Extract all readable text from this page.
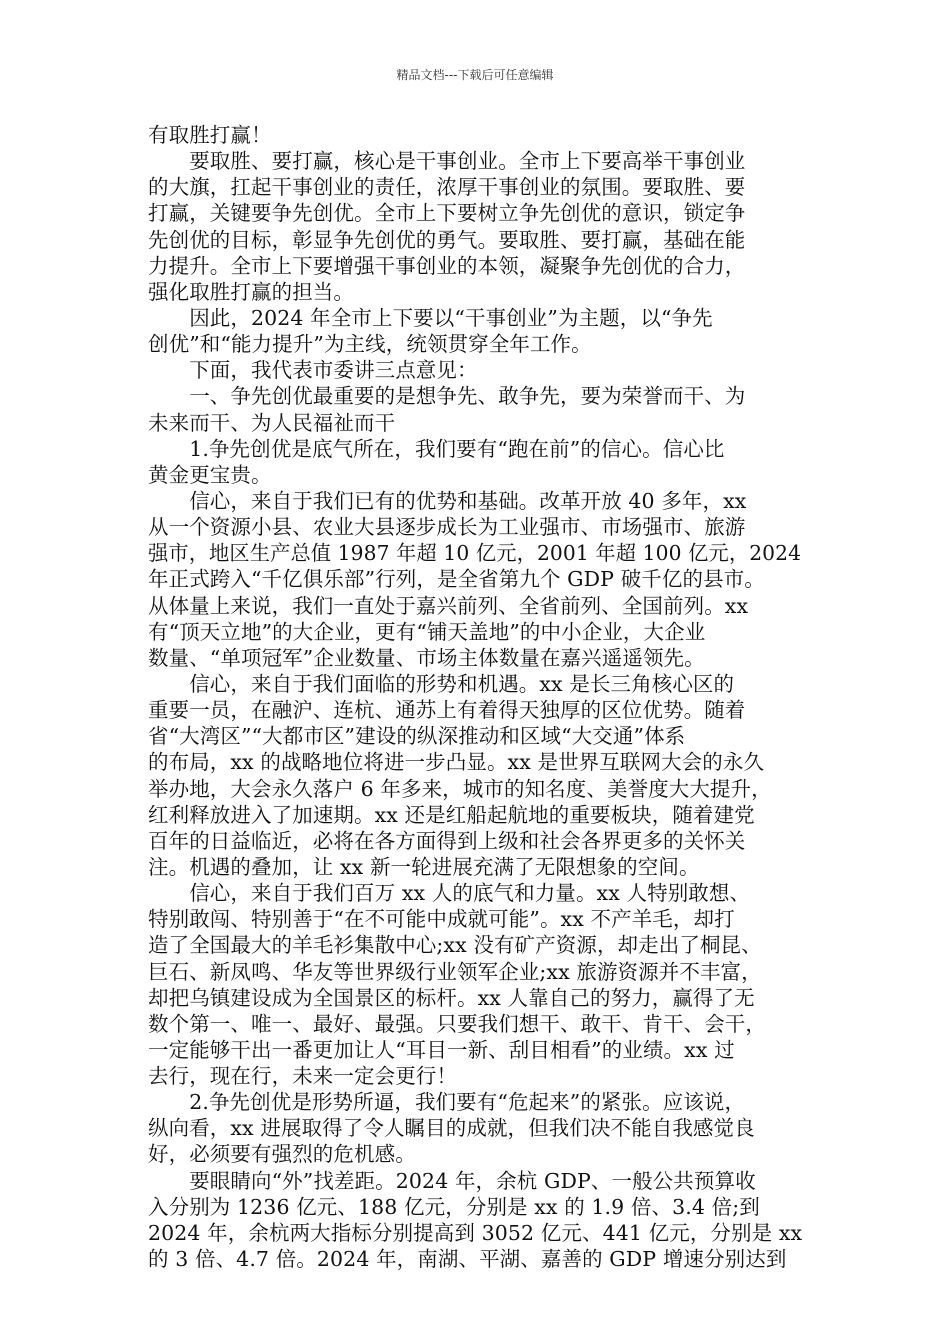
精品文档---下载后可任意编辑
有取胜打赢！
　　要取胜、要打赢，核心是干事创业。全市上下要高举干事创业
的大旗，扛起干事创业的责任，浓厚干事创业的氛围。要取胜、要
打赢，关键要争先创优。全市上下要树立争先创优的意识，锁定争
先创优的目标，彰显争先创优的勇气。要取胜、要打赢，基础在能
力提升。全市上下要增强干事创业的本领，凝聚争先创优的合力，
强化取胜打赢的担当。
　　因此，2024 年全市上下要以“干事创业”为主题，以“争先
创优”和“能力提升”为主线，统领贯穿全年工作。
　　下面，我代表市委讲三点意见：
　　一、争先创优最重要的是想争先、敢争先，要为荣誉而干、为
未来而干、为人民福祉而干
　　1.争先创优是底气所在，我们要有“跑在前”的信心。信心比
黄金更宝贵。
　　信心，来自于我们已有的优势和基础。改革开放 40 多年，xx
从一个资源小县、农业大县逐步成长为工业强市、市场强市、旅游
强市，地区生产总值 1987 年超 10 亿元，2001 年超 100 亿元，2024
年正式跨入“千亿俱乐部”行列，是全省第九个 GDP 破千亿的县市。
从体量上来说，我们一直处于嘉兴前列、全省前列、全国前列。xx
有“顶天立地”的大企业，更有“铺天盖地”的中小企业，大企业
数量、“单项冠军”企业数量、市场主体数量在嘉兴遥遥领先。
　　信心，来自于我们面临的形势和机遇。xx 是长三角核心区的
重要一员，在融沪、连杭、通苏上有着得天独厚的区位优势。随着
省“大湾区”“大都市区”建设的纵深推动和区域“大交通”体系
的布局，xx 的战略地位将进一步凸显。xx 是世界互联网大会的永久
举办地，大会永久落户 6 年多来，城市的知名度、美誉度大大提升，
红利释放进入了加速期。xx 还是红船起航地的重要板块，随着建党
百年的日益临近，必将在各方面得到上级和社会各界更多的关怀关
注。机遇的叠加，让 xx 新一轮进展充满了无限想象的空间。
　　信心，来自于我们百万 xx 人的底气和力量。xx 人特别敢想、
特别敢闯、特别善于“在不可能中成就可能”。xx 不产羊毛，却打
造了全国最大的羊毛衫集散中心;xx 没有矿产资源，却走出了桐昆、
巨石、新凤鸣、华友等世界级行业领军企业;xx 旅游资源并不丰富，
却把乌镇建设成为全国景区的标杆。xx 人靠自己的努力，赢得了无
数个第一、唯一、最好、最强。只要我们想干、敢干、肯干、会干，
一定能够干出一番更加让人“耳目一新、刮目相看”的业绩。xx 过
去行，现在行，未来一定会更行！
　　2.争先创优是形势所逼，我们要有“危起来”的紧张。应该说，
纵向看，xx 进展取得了令人瞩目的成就，但我们决不能自我感觉良
好，必须要有强烈的危机感。
　　要眼睛向“外”找差距。2024 年，余杭 GDP、一般公共预算收
入分别为 1236 亿元、188 亿元，分别是 xx 的 1.9 倍、3.4 倍;到
2024 年，余杭两大指标分别提高到 3052 亿元、441 亿元，分别是 xx
的 3 倍、4.7 倍。2024 年，南湖、平湖、嘉善的 GDP 增速分别达到
